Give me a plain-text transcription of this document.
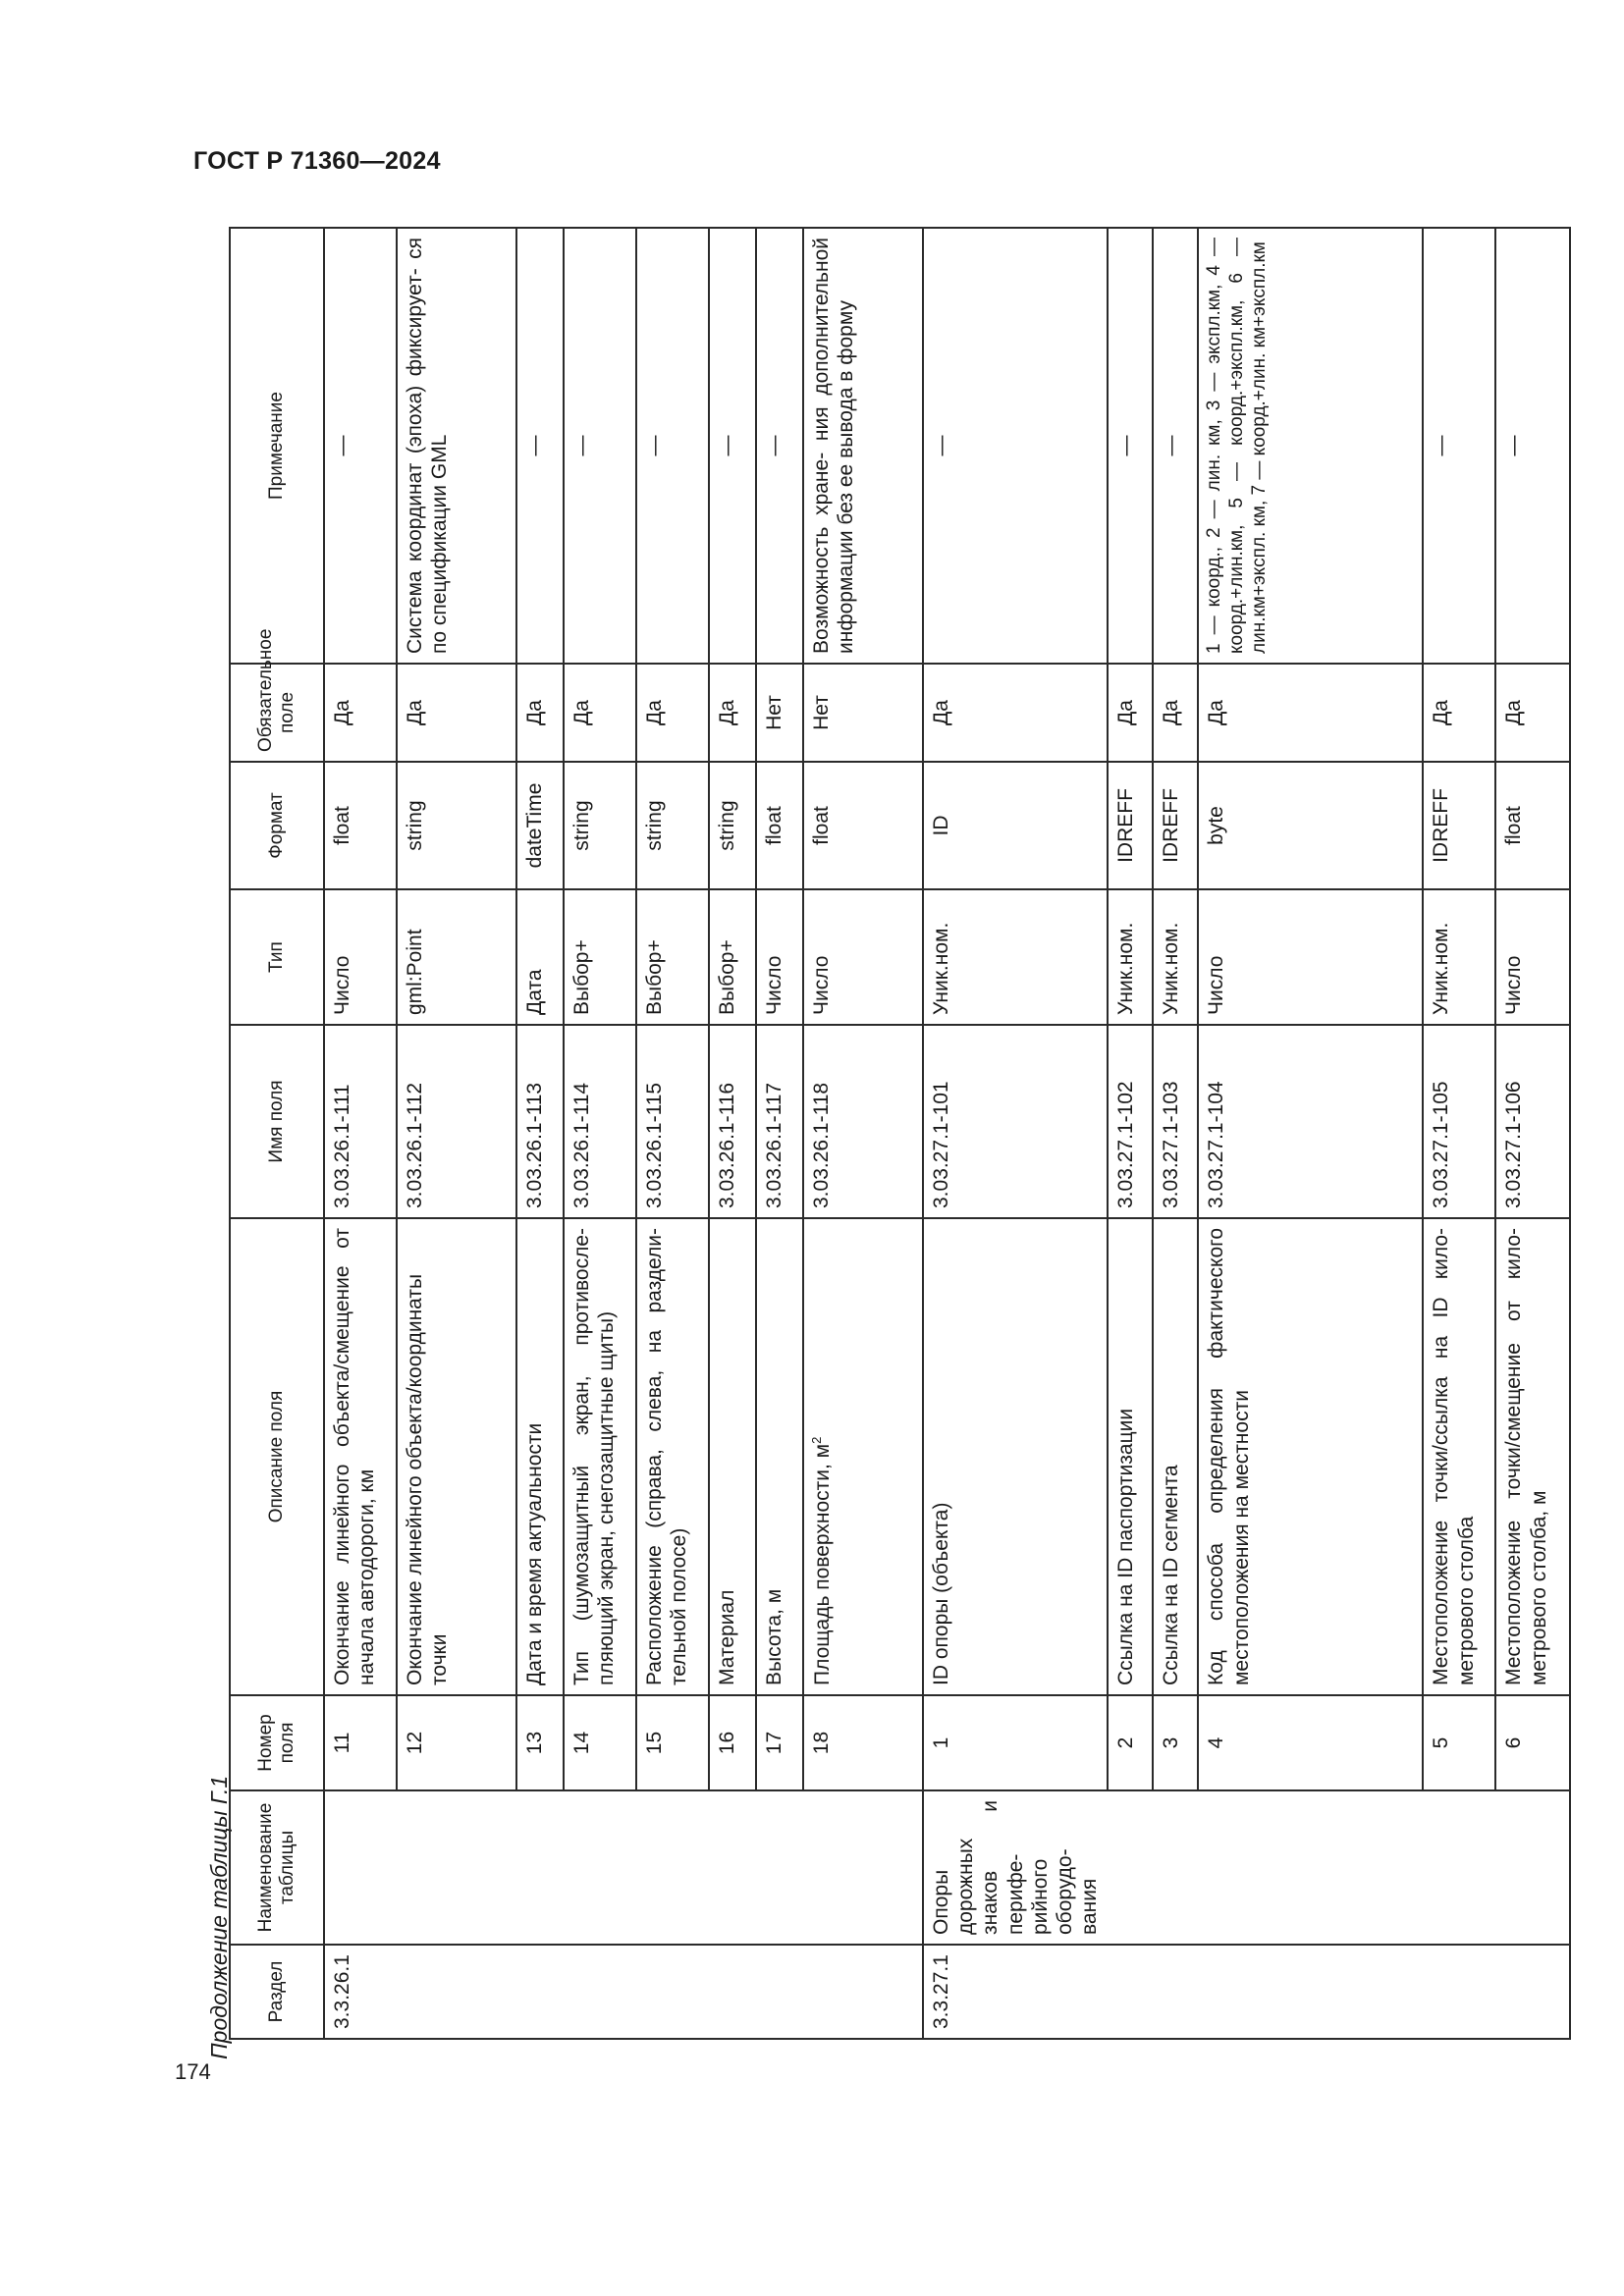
ГОСТ Р 71360—2024
174
Продолжение таблицы Г.1 Раздел	Наименование таблицы	Номер поля	Описание поля	Имя поля	Тип	Формат	Обязательное поле	Примечание
3.3.26.1		11	Окончание линейного объекта/смещение от начала автодороги, км	3.03.26.1-111	Число	float	Да	—
		12	Окончание линейного объекта/координаты точки	3.03.26.1-112	gml:Point	string	Да	Система координат (эпоха) фиксирует- ся по спецификации GML
		13	Дата и время актуальности	3.03.26.1-113	Дата	dateTime	Да	—
		14	Тип (шумозащитный экран, противосле- пляющий экран, снегозащитные щиты)	3.03.26.1-114	Выбор+	string	Да	—
		15	Расположение (справа, слева, на раздели- тельной полосе)	3.03.26.1-115	Выбор+	string	Да	—
		16	Материал	3.03.26.1-116	Выбор+	string	Да	—
		17	Высота, м	3.03.26.1-117	Число	float	Нет	—
		18	Площадь поверхности, $м^2$	3.03.26.1-118	Число	float	Нет	Возможность хране- ния дополнительной информации без ее вывода в форму
3.3.27.1	Опоры дорожных знаков и перифе- рийного оборудо- вания	1	ID опоры (объекта)	3.03.27.1-101	Уник.ном.	ID	Да	—
		2	Ссылка на ID паспортизации	3.03.27.1-102	Уник.ном.	IDREFF	Да	—
		3	Ссылка на ID сегмента	3.03.27.1-103	Уник.ном.	IDREFF	Да	—
		4	Код способа определения фактического местоположения на местности	3.03.27.1-104	Число	byte	Да	1 — коорд., 2 — лин. км, 3 — экспл.км, 4 — коорд.+лин.км, 5 — коорд.+экспл.км, 6 — лин.км+экспл. км, 7 — коорд.+лин. км+экспл.км
		5	Местоположение точки/ссылка на ID кило- метрового столба	3.03.27.1-105	Уник.ном.	IDREFF	Да	—
		6	Местоположение точки/смещение от кило- метрового столба, м	3.03.27.1-106	Число	float	Да	—
